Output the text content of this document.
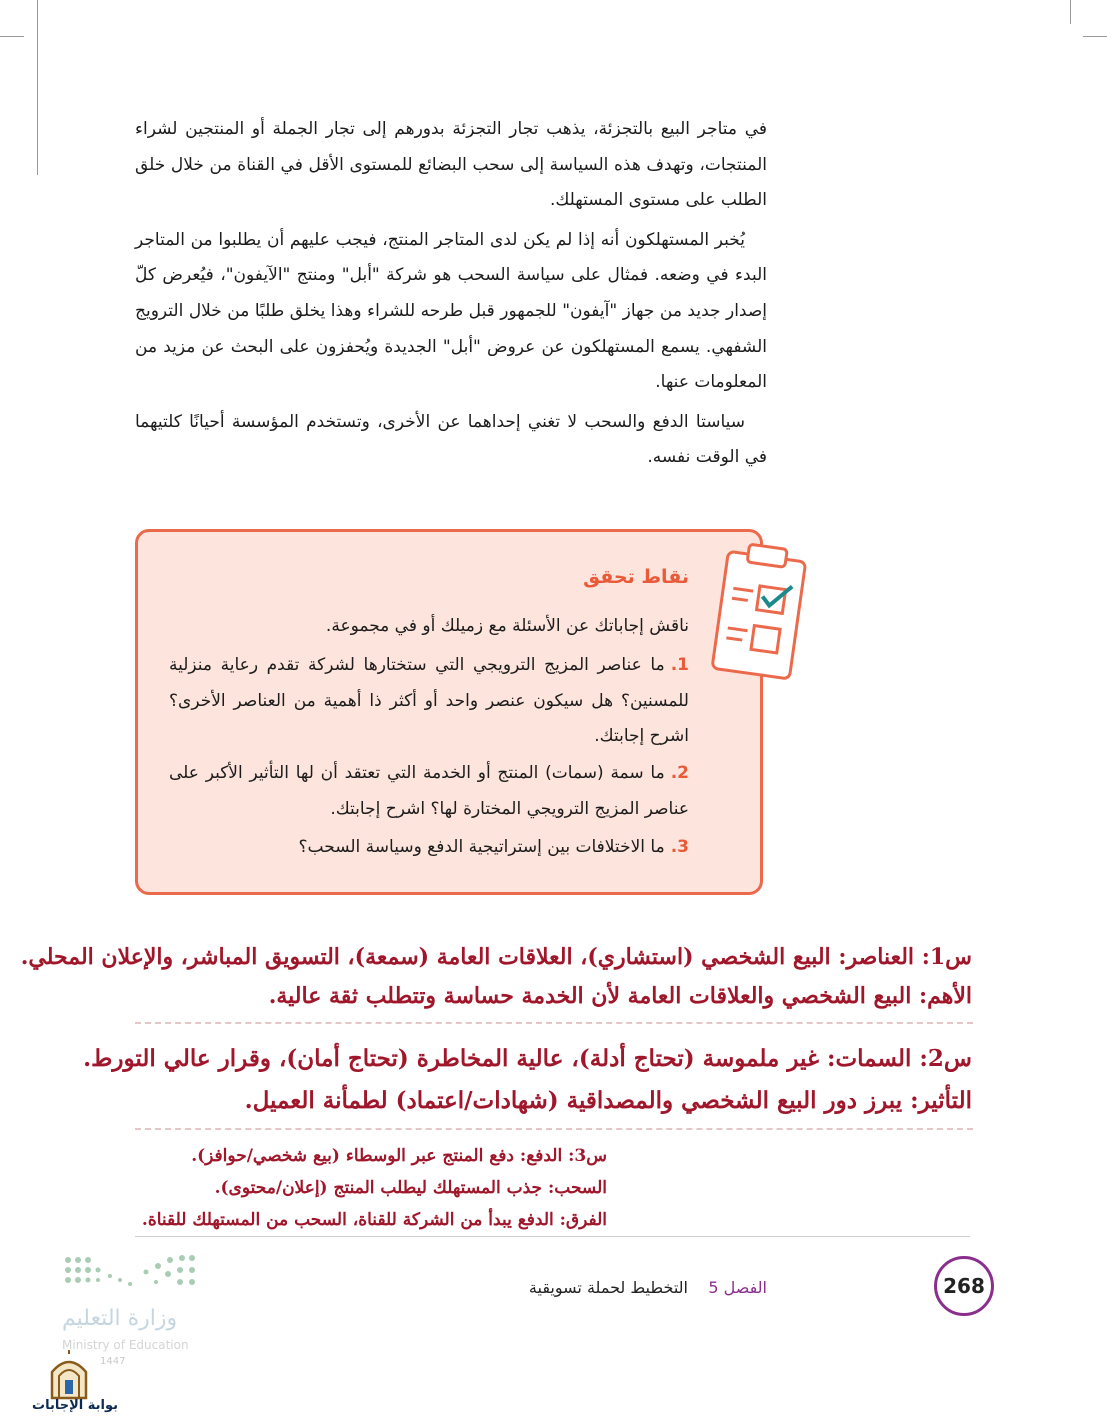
في متاجر البيع بالتجزئة، يذهب تجار التجزئة بدورهم إلى تجار الجملة أو المنتجين لشراء المنتجات، وتهدف هذه السياسة إلى سحب البضائع للمستوى الأقل في القناة من خلال خلق الطلب على مستوى المستهلك.

يُخبر المستهلكون أنه إذا لم يكن لدى المتاجر المنتج، فيجب عليهم أن يطلبوا من المتاجر البدء في وضعه. فمثال على سياسة السحب هو شركة "أبل" ومنتج "الآيفون"، فيُعرض كلّ إصدار جديد من جهاز "آيفون" للجمهور قبل طرحه للشراء وهذا يخلق طلبًا من خلال الترويج الشفهي. يسمع المستهلكون عن عروض "أبل" الجديدة ويُحفزون على البحث عن مزيد من المعلومات عنها.

سياستا الدفع والسحب لا تغني إحداهما عن الأخرى، وتستخدم المؤسسة أحيانًا كلتيهما في الوقت نفسه.

نقاط تحقق
ناقش إجاباتك عن الأسئلة مع زميلك أو في مجموعة.
1.ما عناصر المزيج الترويجي التي ستختارها لشركة تقدم رعاية منزلية للمسنين؟ هل سيكون عنصر واحد أو أكثر ذا أهمية من العناصر الأخرى؟ اشرح إجابتك.
2.ما سمة (سمات) المنتج أو الخدمة التي تعتقد أن لها التأثير الأكبر على عناصر المزيج الترويجي المختارة لها؟ اشرح إجابتك.
3.ما الاختلافات بين إستراتيجية الدفع وسياسة السحب؟
س1: العناصر: البيع الشخصي (استشاري)، العلاقات العامة (سمعة)، التسويق المباشر، والإعلان المحلي.
الأهم: البيع الشخصي والعلاقات العامة لأن الخدمة حساسة وتتطلب ثقة عالية.
س2: السمات: غير ملموسة (تحتاج أدلة)، عالية المخاطرة (تحتاج أمان)، وقرار عالي التورط.
التأثير: يبرز دور البيع الشخصي والمصداقية (شهادات/اعتماد) لطمأنة العميل.
س3: الدفع: دفع المنتج عبر الوسطاء (بيع شخصي/حوافز).
السحب: جذب المستهلك ليطلب المنتج (إعلان/محتوى).
الفرق: الدفع يبدأ من الشركة للقناة، السحب من المستهلك للقناة.
268
الفصل 5    التخطيط لحملة تسويقية
وزارة التعليم
Ministry of Education
1447
بوابة الإجابات
